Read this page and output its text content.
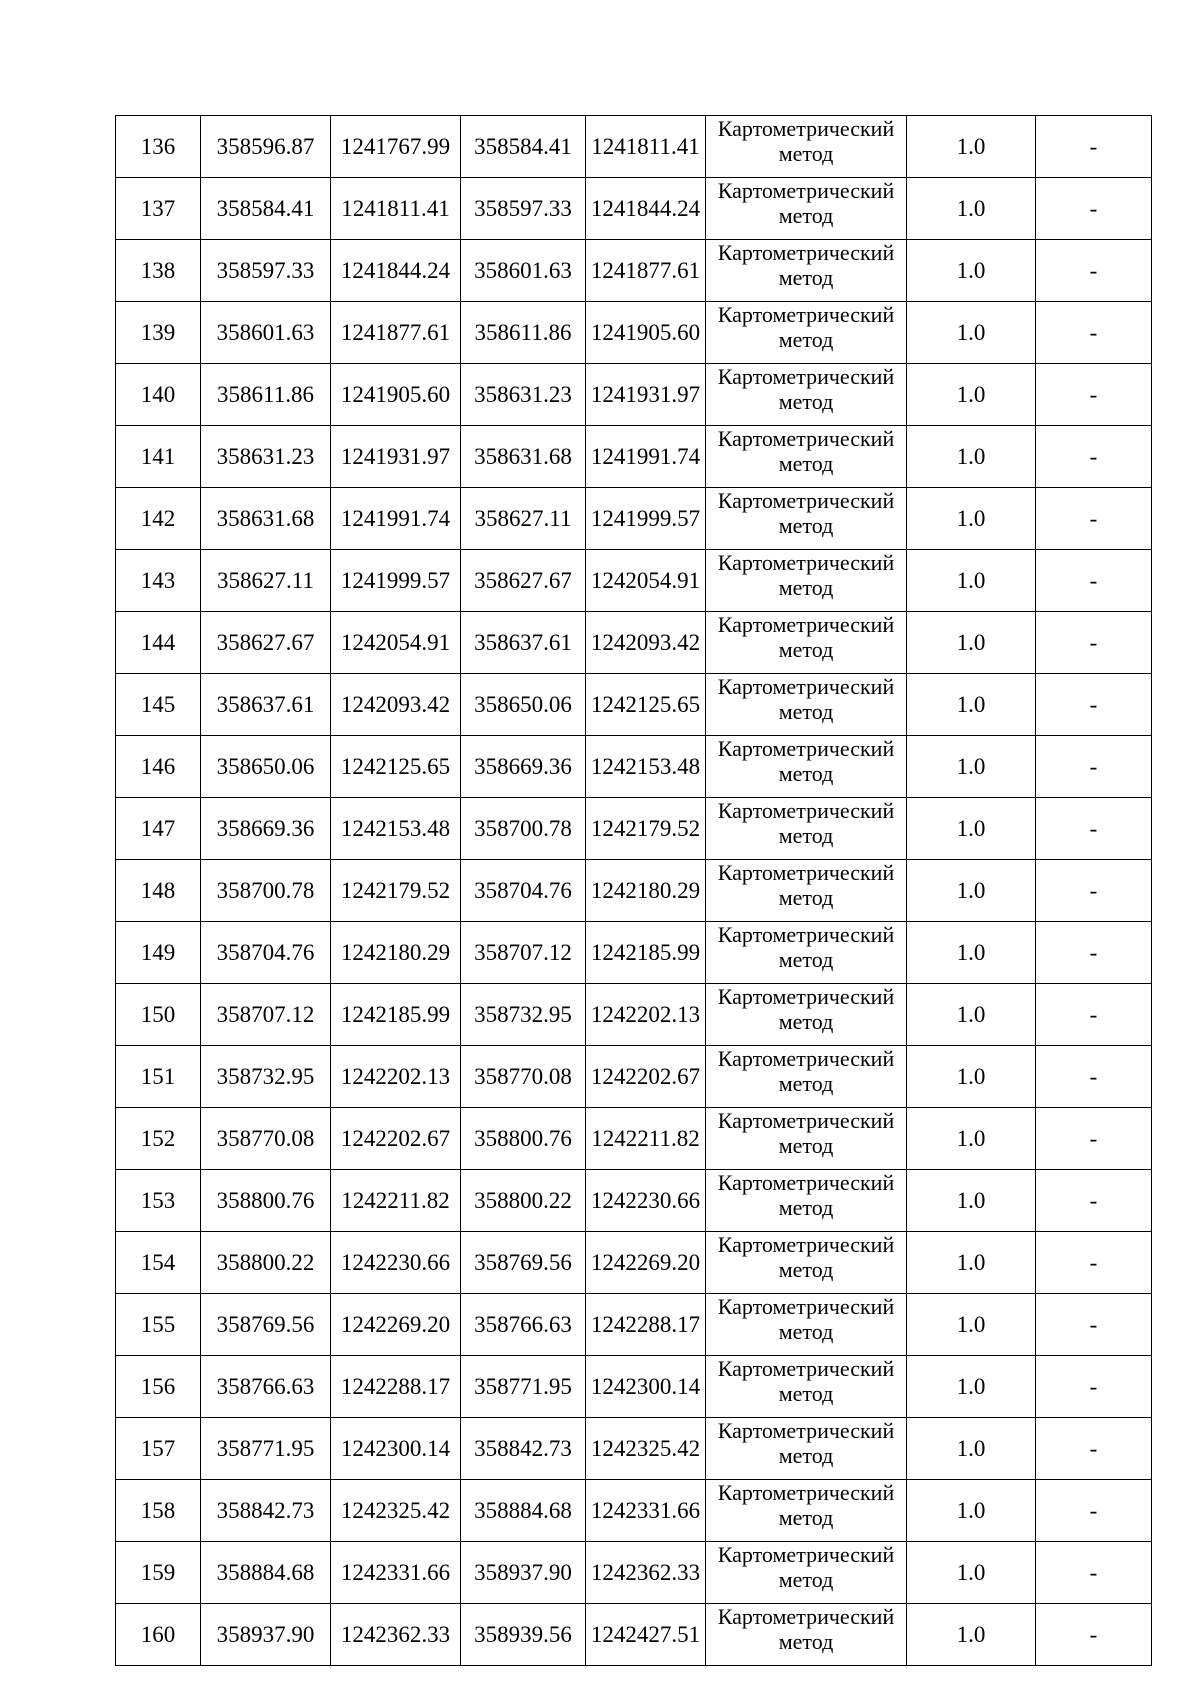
136	358596.87	1241767.99	358584.41	1241811.41	Картометрический
метод	1.0	-
137	358584.41	1241811.41	358597.33	1241844.24	Картометрический
метод	1.0	-
138	358597.33	1241844.24	358601.63	1241877.61	Картометрический
метод	1.0	-
139	358601.63	1241877.61	358611.86	1241905.60	Картометрический
метод	1.0	-
140	358611.86	1241905.60	358631.23	1241931.97	Картометрический
метод	1.0	-
141	358631.23	1241931.97	358631.68	1241991.74	Картометрический
метод	1.0	-
142	358631.68	1241991.74	358627.11	1241999.57	Картометрический
метод	1.0	-
143	358627.11	1241999.57	358627.67	1242054.91	Картометрический
метод	1.0	-
144	358627.67	1242054.91	358637.61	1242093.42	Картометрический
метод	1.0	-
145	358637.61	1242093.42	358650.06	1242125.65	Картометрический
метод	1.0	-
146	358650.06	1242125.65	358669.36	1242153.48	Картометрический
метод	1.0	-
147	358669.36	1242153.48	358700.78	1242179.52	Картометрический
метод	1.0	-
148	358700.78	1242179.52	358704.76	1242180.29	Картометрический
метод	1.0	-
149	358704.76	1242180.29	358707.12	1242185.99	Картометрический
метод	1.0	-
150	358707.12	1242185.99	358732.95	1242202.13	Картометрический
метод	1.0	-
151	358732.95	1242202.13	358770.08	1242202.67	Картометрический
метод	1.0	-
152	358770.08	1242202.67	358800.76	1242211.82	Картометрический
метод	1.0	-
153	358800.76	1242211.82	358800.22	1242230.66	Картометрический
метод	1.0	-
154	358800.22	1242230.66	358769.56	1242269.20	Картометрический
метод	1.0	-
155	358769.56	1242269.20	358766.63	1242288.17	Картометрический
метод	1.0	-
156	358766.63	1242288.17	358771.95	1242300.14	Картометрический
метод	1.0	-
157	358771.95	1242300.14	358842.73	1242325.42	Картометрический
метод	1.0	-
158	358842.73	1242325.42	358884.68	1242331.66	Картометрический
метод	1.0	-
159	358884.68	1242331.66	358937.90	1242362.33	Картометрический
метод	1.0	-
160	358937.90	1242362.33	358939.56	1242427.51	Картометрический
метод	1.0	-
